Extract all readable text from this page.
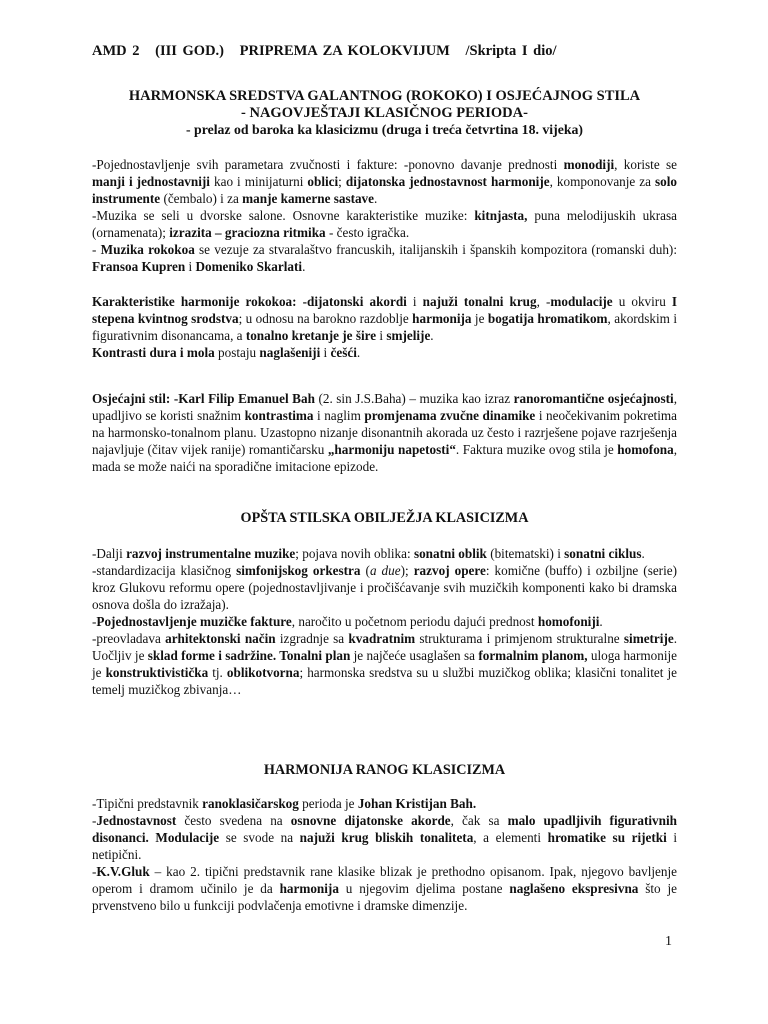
AMD 2 (III GOD.) PRIPREMA ZA KOLOKVIJUM /Skripta I dio/
HARMONSKA SREDSTVA GALANTNOG (ROKOKO) I OSJEĆAJNOG STILA
- NAGOVJEŠTAJI KLASIČNOG PERIODA-
- prelaz od baroka ka klasicizmu (druga i treća četvrtina 18. vijeka)

-Pojednostavljenje svih parametara zvučnosti i fakture: -ponovno davanje prednosti monodiji, koriste se manji i jednostavniji kao i minijaturni oblici; dijatonska jednostavnost harmonije, komponovanje za solo instrumente (čembalo) i za manje kamerne sastave.

-Muzika se seli u dvorske salone. Osnovne karakteristike muzike: kitnjasta, puna melodijuskih ukrasa (ornamenata); izrazita – graciozna ritmika - često igračka.

- Muzika rokokoa se vezuje za stvaralaštvo francuskih, italijanskih i španskih kompozitora (romanski duh): Fransoa Kupren i Domeniko Skarlati.

Karakteristike harmonije rokokoa: -dijatonski akordi i najuži tonalni krug, -modulacije u okviru I stepena kvintnog srodstva; u odnosu na barokno razdoblje harmonija je bogatija hromatikom, akordskim i figurativnim disonancama, a tonalno kretanje je šire i smjelije.

Kontrasti dura i mola postaju naglašeniji i češći.

Osjećajni stil: -Karl Filip Emanuel Bah (2. sin J.S.Baha) – muzika kao izraz ranoromantične osjećajnosti, upadljivo se koristi snažnim kontrastima i naglim promjenama zvučne dinamike i neočekivanim pokretima na harmonsko-tonalnom planu. Uzastopno nizanje disonantnih akorada uz često i razrješene pojave razrješenja najavljuje (čitav vijek ranije) romantičarsku „harmoniju napetosti“. Faktura muzike ovog stila je homofona, mada se može naići na sporadične imitacione epizode.

OPŠTA STILSKA OBILJEŽJA KLASICIZMA

-Dalji razvoj instrumentalne muzike; pojava novih oblika: sonatni oblik (bitematski) i sonatni ciklus.

-standardizacija klasičnog simfonijskog orkestra (a due); razvoj opere: komične (buffo) i ozbiljne (serie) kroz Glukovu reformu opere (pojednostavljivanje i pročišćavanje svih muzičkih komponenti kako bi dramska osnova došla do izražaja).

-Pojednostavljenje muzičke fakture, naročito u početnom periodu dajući prednost homofoniji.

-preovladava arhitektonski način izgradnje sa kvadratnim strukturama i primjenom strukturalne simetrije. Uočljiv je sklad forme i sadržine. Tonalni plan je najčeće usaglašen sa formalnim planom, uloga harmonije je konstruktivistička tj. oblikotvorna; harmonska sredstva su u službi muzičkog oblika; klasični tonalitet je temelj muzičkog zbivanja…

HARMONIJA RANOG KLASICIZMA

-Tipični predstavnik ranoklasičarskog perioda je Johan Kristijan Bah.

-Jednostavnost često svedena na osnovne dijatonske akorde, čak sa malo upadljivih figurativnih disonanci. Modulacije se svode na najuži krug bliskih tonaliteta, a elementi hromatike su rijetki i netipični.

-K.V.Gluk – kao 2. tipični predstavnik rane klasike blizak je prethodno opisanom. Ipak, njegovo bavljenje operom i dramom učinilo je da harmonija u njegovim djelima postane naglašeno ekspresivna što je prvenstveno bilo u funkciji podvlačenja emotivne i dramske dimenzije.

1
